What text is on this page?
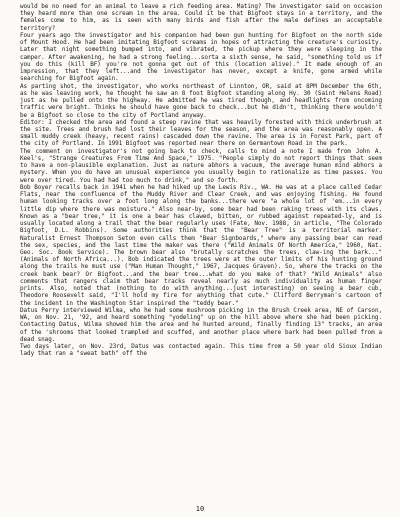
would be no need for an animal to leave a rich feeding area. Mating? The investigator said on occasion they heard more than one scream in the area. Could it be that Bigfoot stays in a territory, and the females come to him, as is seen with many birds and fish after the male defines an acceptable territory?

Four years ago the investigator and his companion had been gun hunting for Bigfoot on the north side of Mount Hood. He had been imitating Bigfoot screams in hopes of attracting the creature's curiosity. Later that night something bumped into, and vibrated, the pickup where they were sleeping in the camper. After awakening, he had a strong feeling...sorta a sixth sense, he said, "something told us if you do this (kill BF) you're not gonna get out of this (location alive)." It made enough of an impression, that they left...and the investigator has never, except a knife, gone armed while searching for Bigfoot again.

As parting shot, the investigator, who works northeast of Linnton, OR, said at 8PM December the 6th, as he was leaving work, he thought he saw an 8 foot Bigfoot standing along Hy. 30 (Saint Helens Road) just as he pulled onto the highway. He admitted he was tired though, and headlights from oncoming traffic were bright. Thinks he should have gone back to check...but he didn't, thinking there wouldn't be a Bigfoot so close to the city of Portland anyway.

Editor: I checked the area and found a steep ravine that was heavily forested with thick underbrush at the site. Trees and brush had lost their leaves for the season, and the area was reasonably open. A small muddy creek (heavy, recent rains) cascaded down the ravine. The area is in Forest Park, part of the city of Portland. In 1991 Bigfoot was reported near there on Germantown Road in the park.

The comment on investigator's not going back to check, calls to mind a note I made from John A. Keel's, "Strange Creatures From Time And Space," 1975. "People simply do not report things that seem to have a non-plausible explanation. Just as nature abhors a vacuum, the average human mind abhors a mystery. When you do have an unusual experience you usually begin to rationalize as time passes. You were over tired. You had had too much to drink," and so forth.

Bob Boyer recalls back in 1941 when he had hiked up the Lewis Riv., WA. He was at a place called Cedar Flats, near the confluence of the Muddy River and Clear Creek, and was enjoying fishing. He found human looking tracks over a foot long along the banks...there were "a whole lot of 'em...in every little dip where there was moisture." Also near-by, some bear had been raking trees with its claws. Known as a "bear tree," it is one a bear has clawed, bitten, or rubbed against repeated-ly, and is usually located along a trail that the bear regularly uses (Fate, Nov. 1988, in article, "The Colorado Bigfoot, D.L. Robbins). Some authorities think that the "Bear Tree" is a territorial marker. Naturalist Ernest Thompson Seton even calls them "Bear Signboards," where any passing bear can read the sex, species, and the last time the maker was there ("Wild Animals Of North America," 1960, Nat. Geo. Soc. Book Service). The brown bear also "brutally scratches the trees, claw-ing the bark..." (Animals of North Africa...). Bob indicated the trees were at the outer limits of his hunting ground along the trails he must use ("Man Human Thought," 1967, Jacques Graven). So, where the tracks on the creek bank bear? Or Bigfoot...and the bear tree...what do you make of that? "Wild Animals" also comments that rangers claim that bear tracks reveal nearly as much individuality as human finger prints. Also, noted that (nothing to do with anything...just interesting) on seeing a bear cub, Theodore Roosevelt said, "I'll hold my fire for anything that cute." Clifford Berryman's cartoon of the incident in the Washington Star inspired the "teddy bear."

Datus Perry interviewed Wilma, who he had some mushroom picking in the Brush Creek area, NE of Carson, WA, on Nov. 21, '92, and heard something "yodeling" up on the hill above where she had been picking. Contacting Datus, Wilma showed him the area and he hunted around, finally finding 13" tracks, an area of the 'shrooms that looked trampled and scuffed, and another place where bark had been pulled from a dead snag.

Two days later, on Nov. 23rd, Datus was contacted again. This time from a 50 year old Sioux Indian lady that ran a "sweat bath" off the

10
